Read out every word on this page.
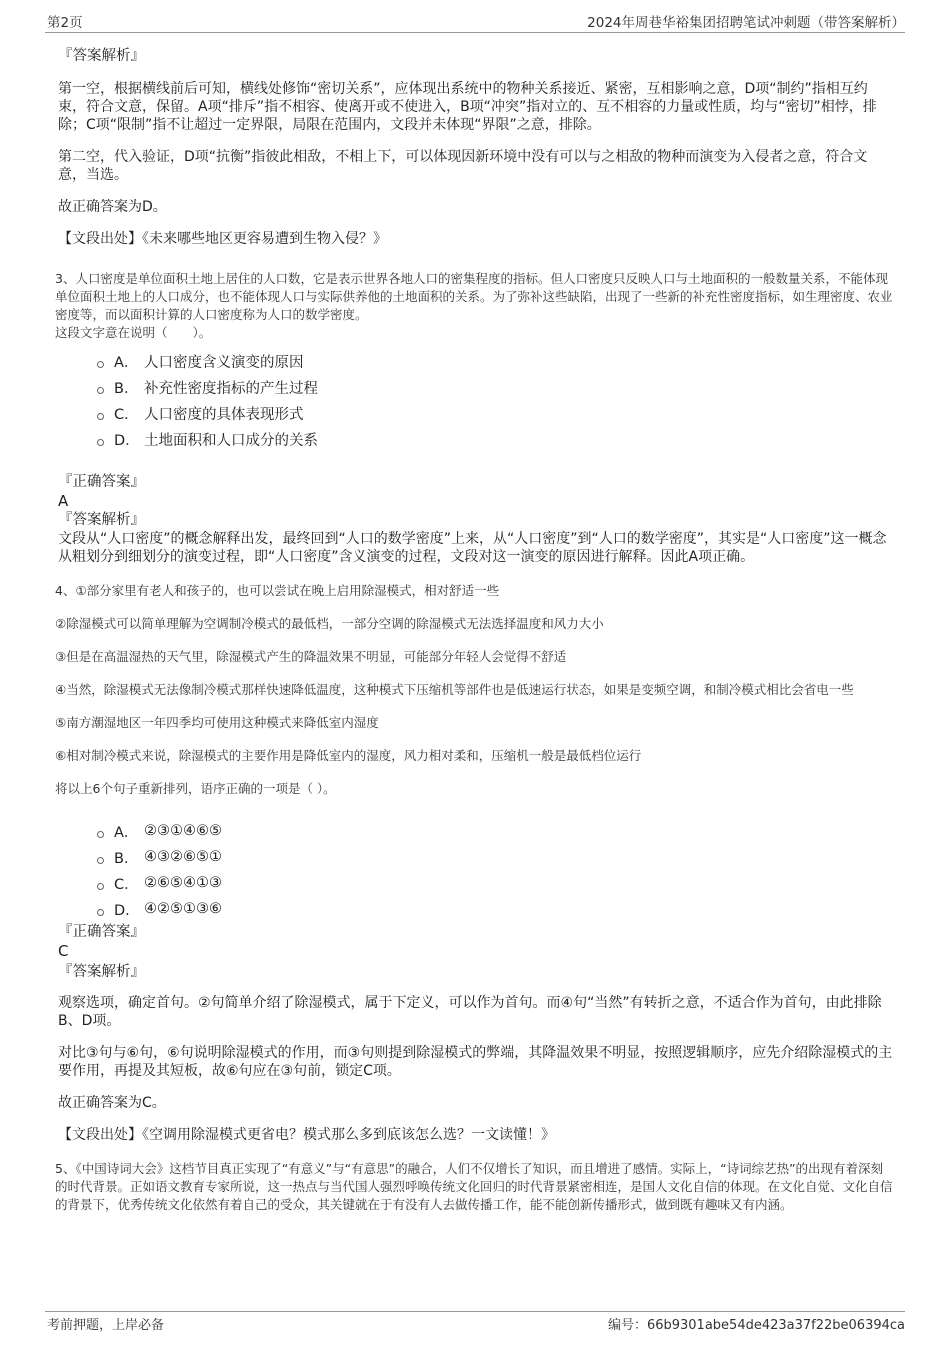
第2页	2024年周巷华裕集团招聘笔试冲刺题（带答案解析）

『答案解析』

第一空，根据横线前后可知，横线处修饰“密切关系”，应体现出系统中的物种关系接近、紧密，互相影响之意，D项“制约”指相互约束，符合文意，保留。A项“排斥”指不相容、使离开或不使进入，B项“冲突”指对立的、互不相容的力量或性质，均与“密切”相悖，排除；C项“限制”指不让超过一定界限，局限在范围内，文段并未体现“界限”之意，排除。

第二空，代入验证，D项“抗衡”指彼此相敌，不相上下，可以体现因新环境中没有可以与之相敌的物种而演变为入侵者之意，符合文意，当选。

故正确答案为D。

【文段出处】《未来哪些地区更容易遭到生物入侵？》

3、人口密度是单位面积土地上居住的人口数，它是表示世界各地人口的密集程度的指标。但人口密度只反映人口与土地面积的一般数量关系，不能体现单位面积土地上的人口成分，也不能体现人口与实际供养他的土地面积的关系。为了弥补这些缺陷，出现了一些新的补充性密度指标，如生理密度、农业密度等，而以面积计算的人口密度称为人口的数学密度。

这段文字意在说明（　　）。

A． 人口密度含义演变的原因
B． 补充性密度指标的产生过程
C． 人口密度的具体表现形式
D． 土地面积和人口成分的关系

『正确答案』

A

『答案解析』

文段从“人口密度”的概念解释出发，最终回到“人口的数学密度”上来，从“人口密度”到“人口的数学密度”，其实是“人口密度”这一概念从粗划分到细划分的演变过程，即“人口密度”含义演变的过程，文段对这一演变的原因进行解释。因此A项正确。

4、①部分家里有老人和孩子的，也可以尝试在晚上启用除湿模式，相对舒适一些

②除湿模式可以简单理解为空调制冷模式的最低档，一部分空调的除湿模式无法选择温度和风力大小

③但是在高温湿热的天气里，除湿模式产生的降温效果不明显，可能部分年轻人会觉得不舒适

④当然，除湿模式无法像制冷模式那样快速降低温度，这种模式下压缩机等部件也是低速运行状态，如果是变频空调，和制冷模式相比会省电一些

⑤南方潮湿地区一年四季均可使用这种模式来降低室内湿度

⑥相对制冷模式来说，除湿模式的主要作用是降低室内的湿度，风力相对柔和，压缩机一般是最低档位运行

将以上6个句子重新排列，语序正确的一项是（ ）。

A． ②③①④⑥⑤
B． ④③②⑥⑤①
C． ②⑥⑤④①③
D． ④②⑤①③⑥

『正确答案』

C

『答案解析』

观察选项，确定首句。②句简单介绍了除湿模式，属于下定义，可以作为首句。而④句“当然”有转折之意，不适合作为首句，由此排除B、D项。

对比③句与⑥句，⑥句说明除湿模式的作用，而③句则提到除湿模式的弊端，其降温效果不明显，按照逻辑顺序，应先介绍除湿模式的主要作用，再提及其短板，故⑥句应在③句前，锁定C项。

故正确答案为C。

【文段出处】《空调用除湿模式更省电？模式那么多到底该怎么选？一文读懂！》

5、《中国诗词大会》这档节目真正实现了“有意义”与“有意思”的融合，人们不仅增长了知识，而且增进了感情。实际上，“诗词综艺热”的出现有着深刻的时代背景。正如语文教育专家所说，这一热点与当代国人强烈呼唤传统文化回归的时代背景紧密相连，是国人文化自信的体现。在文化自觉、文化自信的背景下，优秀传统文化依然有着自己的受众，其关键就在于有没有人去做传播工作，能不能创新传播形式，做到既有趣味又有内涵。

考前押题，上岸必备	编号：66b9301abe54de423a37f22be06394ca
